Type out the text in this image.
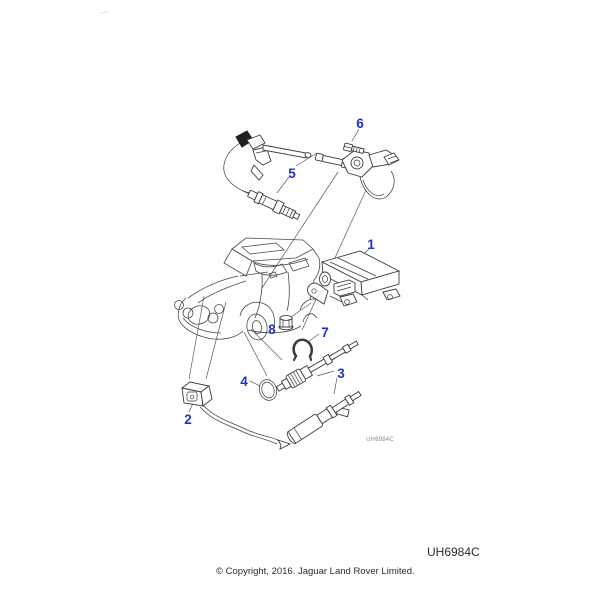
1
2
3
4
5
6
7
8
UH6984C
UH6984C
© Copyright, 2016. Jaguar Land Rover Limited.
